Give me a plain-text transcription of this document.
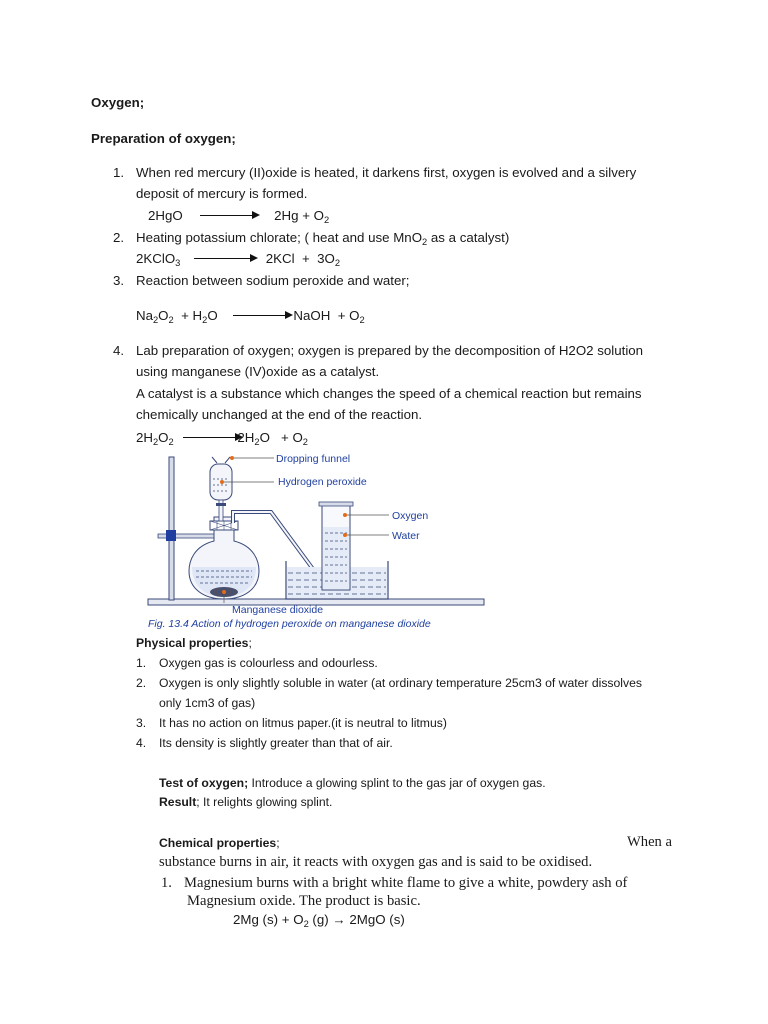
Oxygen;
Preparation of oxygen;
1. When red mercury (II)oxide is heated, it darkens first, oxygen is evolved and a silvery
deposit of mercury is formed.
2HgO	$2Hg + O_2$
2. Heating potassium chlorate; ( heat and use MnO$_2$ as a catalyst)
2KClO$_3$	$2KCl + 3O_2$
3. Reaction between sodium peroxide and water;
$Na_2O_2 + H_2O$	NaOH  + $O_2$
4. Lab preparation of oxygen; oxygen is prepared by the decomposition of H2O2 solution
using manganese (IV)oxide as a catalyst.
A catalyst is a substance which changes the speed of a chemical reaction but remains
chemically unchanged at the end of the reaction.
$2H_2O_2$	$2H_2O + O_2$
Dropping funnel
Hydrogen peroxide
Oxygen
Water
Manganese dioxide
Fig. 13.4 Action of hydrogen peroxide on manganese dioxide
Physical properties;
1. Oxygen gas is colourless and odourless.
2. Oxygen is only slightly soluble in water (at ordinary temperature 25cm3 of water dissolves
only 1cm3 of gas)
3. It has no action on litmus paper.(it is neutral to litmus)
4. Its density is slightly greater than that of air.
Test of oxygen; Introduce a glowing splint to the gas jar of oxygen gas.
Result; It relights glowing splint.
Chemical properties;	When a
substance burns in air, it reacts with oxygen gas and is said to be oxidised.
1. Magnesium burns with a bright white flame to give a white, powdery ash of
Magnesium oxide. The product is basic.
2Mg $(s) + O_2$ (g) → 2MgO (s)
